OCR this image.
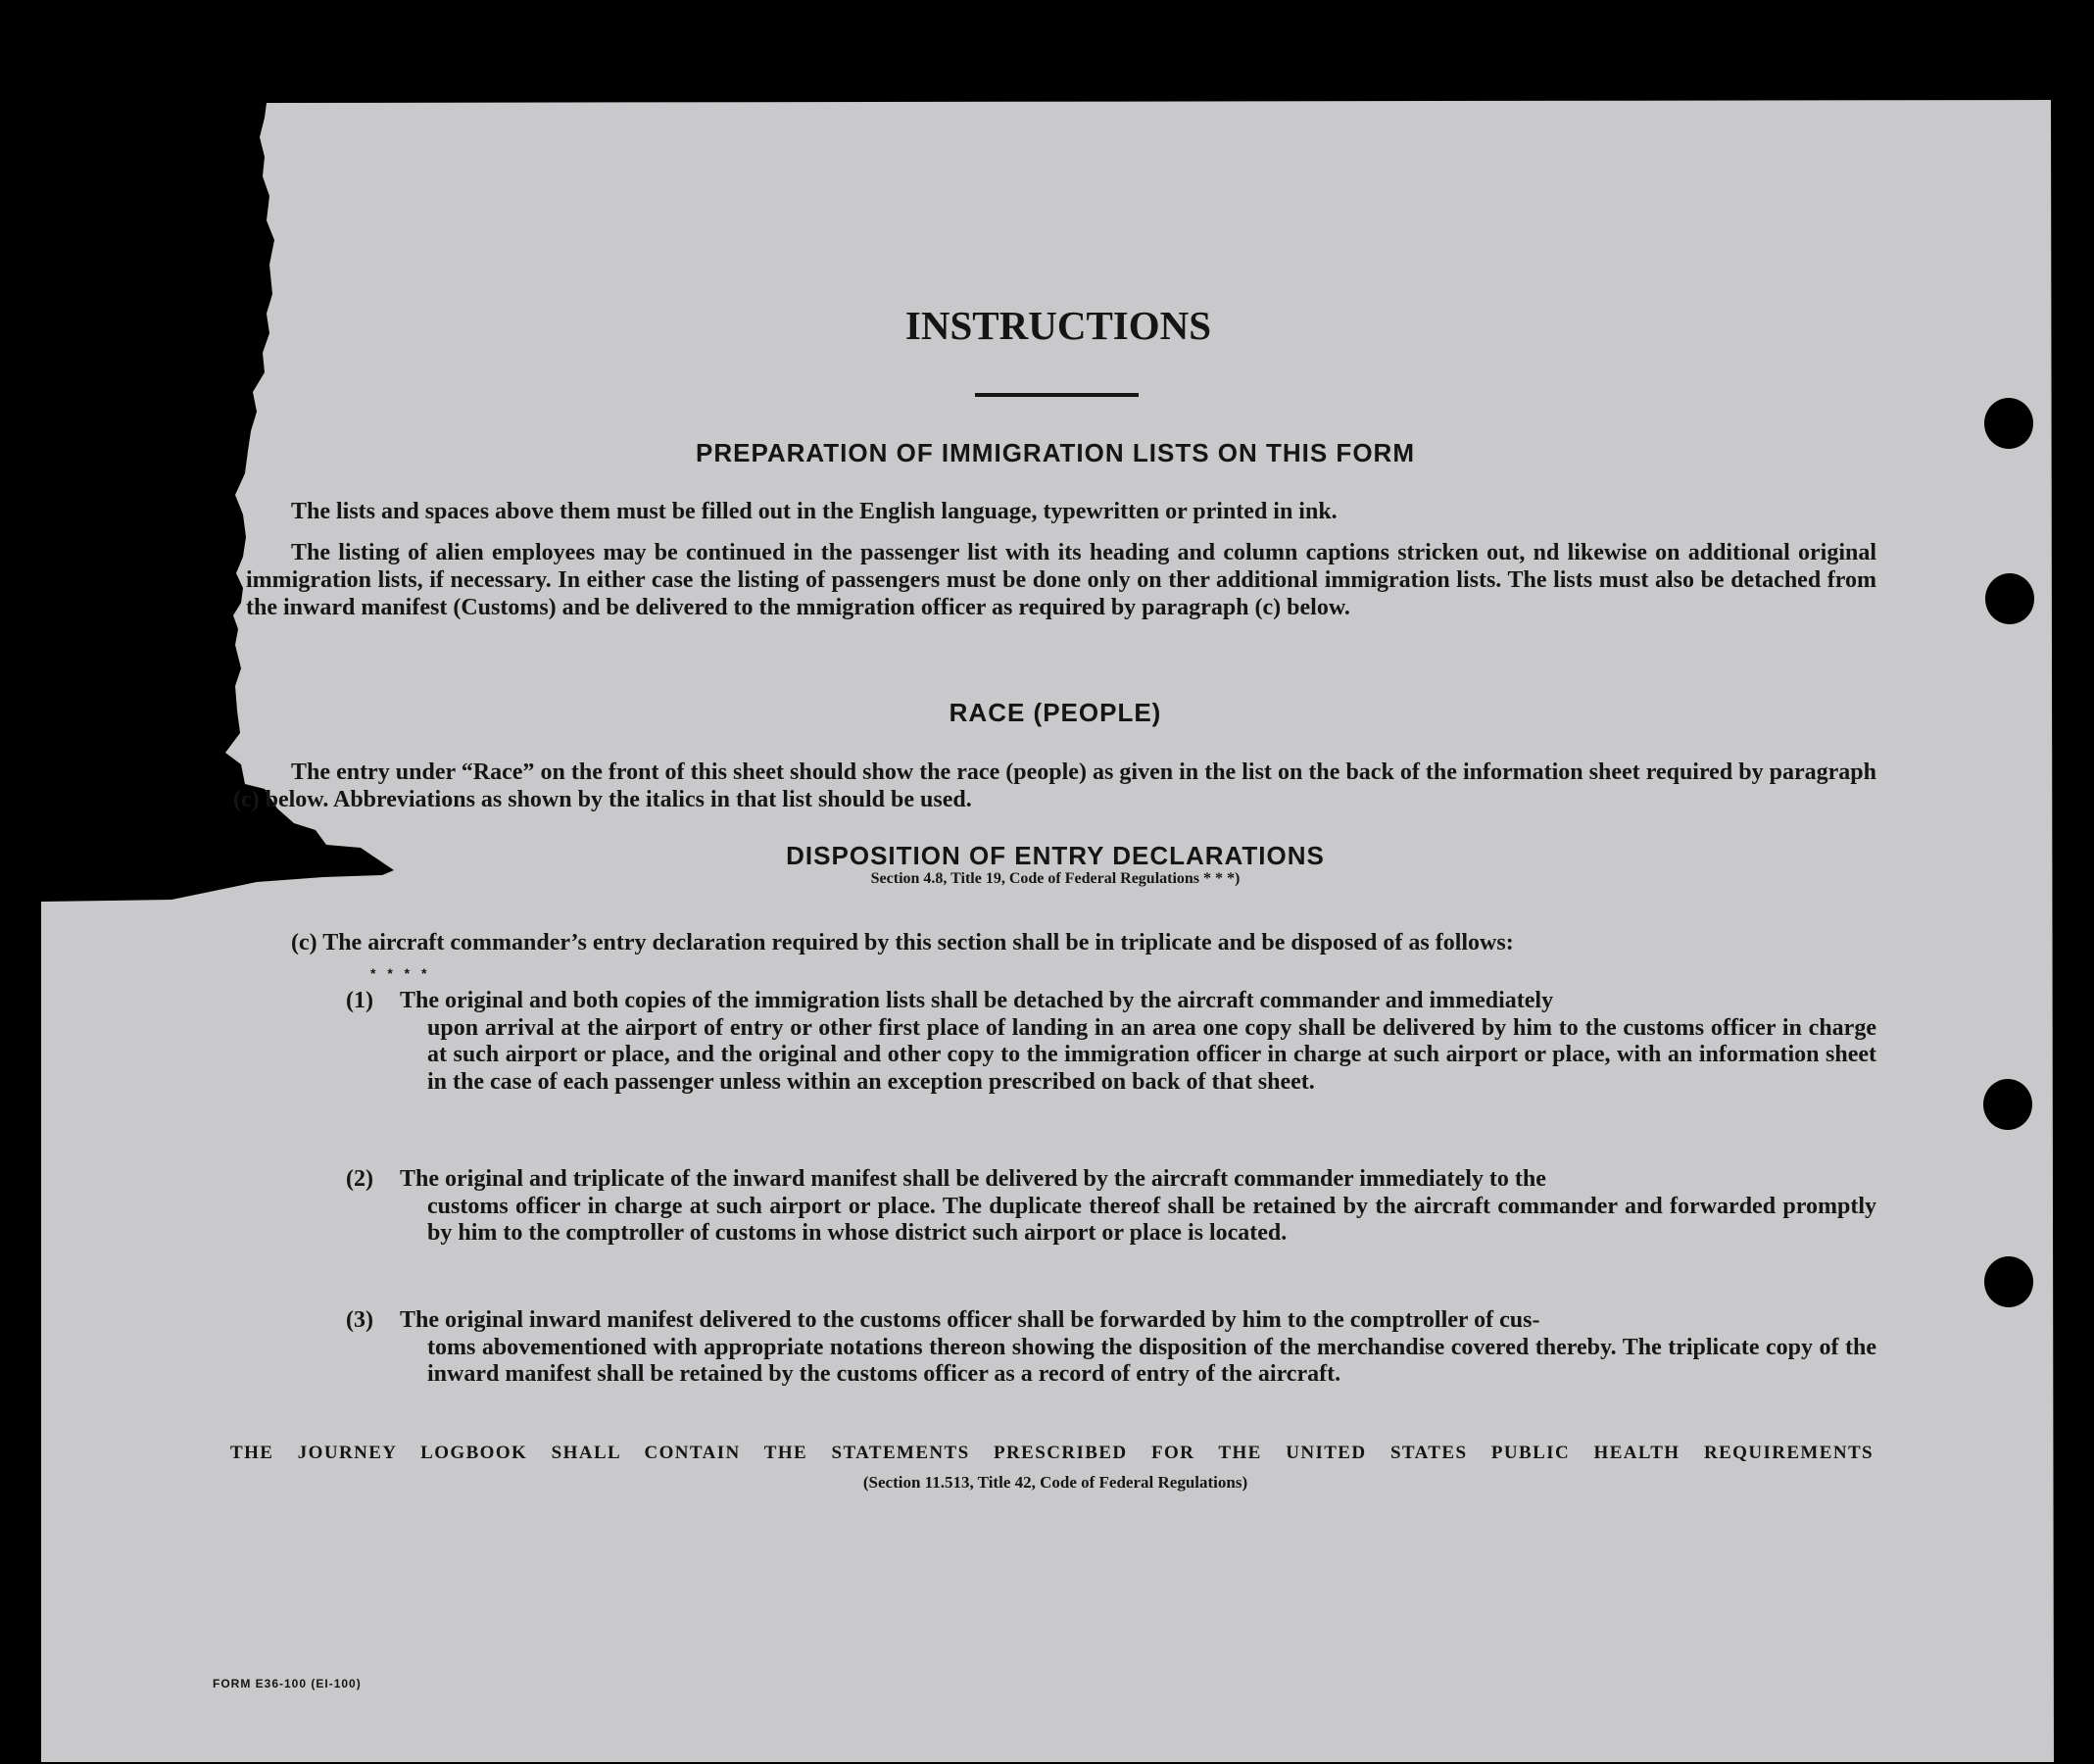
INSTRUCTIONS
PREPARATION OF IMMIGRATION LISTS ON THIS FORM
The lists and spaces above them must be filled out in the English language, typewritten or printed in ink.
The listing of alien employees may be continued in the passenger list with its heading and column captions stricken out, nd likewise on additional original immigration lists, if necessary. In either case the listing of passengers must be done only on ther additional immigration lists. The lists must also be detached from the inward manifest (Customs) and be delivered to the mmigration officer as required by paragraph (c) below.
RACE (PEOPLE)
The entry under “Race” on the front of this sheet should show the race (people) as given in the list on the back of the information sheet required by paragraph (c) below. Abbreviations as shown by the italics in that list should be used.
DISPOSITION OF ENTRY DECLARATIONS
Section 4.8, Title 19, Code of Federal Regulations * * *)
(c) The aircraft commander’s entry declaration required by this section shall be in triplicate and be disposed of as follows:
* * * *
(1) The original and both copies of the immigration lists shall be detached by the aircraft commander and immediately
upon arrival at the airport of entry or other first place of landing in an area one copy shall be delivered by him to the customs officer in charge at such airport or place, and the original and other copy to the immigration officer in charge at such airport or place, with an information sheet in the case of each passenger unless within an exception prescribed on back of that sheet.
(2) The original and triplicate of the inward manifest shall be delivered by the aircraft commander immediately to the
customs officer in charge at such airport or place. The duplicate thereof shall be retained by the aircraft commander and forwarded promptly by him to the comptroller of customs in whose district such airport or place is located.
(3) The original inward manifest delivered to the customs officer shall be forwarded by him to the comptroller of cus-
toms abovementioned with appropriate notations thereon showing the disposition of the merchandise covered thereby. The triplicate copy of the inward manifest shall be retained by the customs officer as a record of entry of the aircraft.
THE JOURNEY LOGBOOK SHALL CONTAIN THE STATEMENTS PRESCRIBED FOR THE UNITED STATES PUBLIC HEALTH REQUIREMENTS
(Section 11.513, Title 42, Code of Federal Regulations)
FORM E36-100 (EI-100)
